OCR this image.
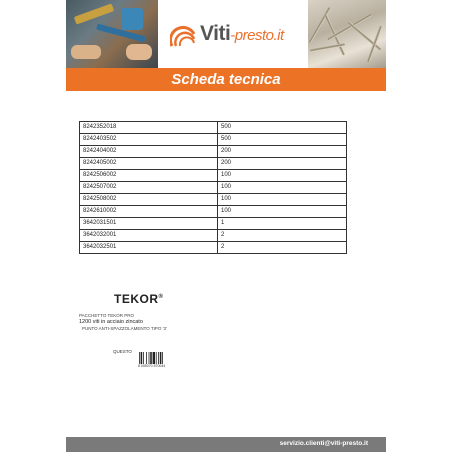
Viti-presto.it
Scheda tecnica
8242352018	500
8242403502	500
8242404002	200
8242405002	200
8242506002	100
8242507002	100
8242508002	100
8242610002	100
3642031501	1
3642032001	2
3642032501	2
TEKOR®
PACCHETTO TEKOR PRO
1200 viti in acciaio zincato
PUNTO ANTI-SPAZZOLAMENTO TIPO '3'
QUESTO
8 005070 570044
servizio.clienti@viti-presto.it
